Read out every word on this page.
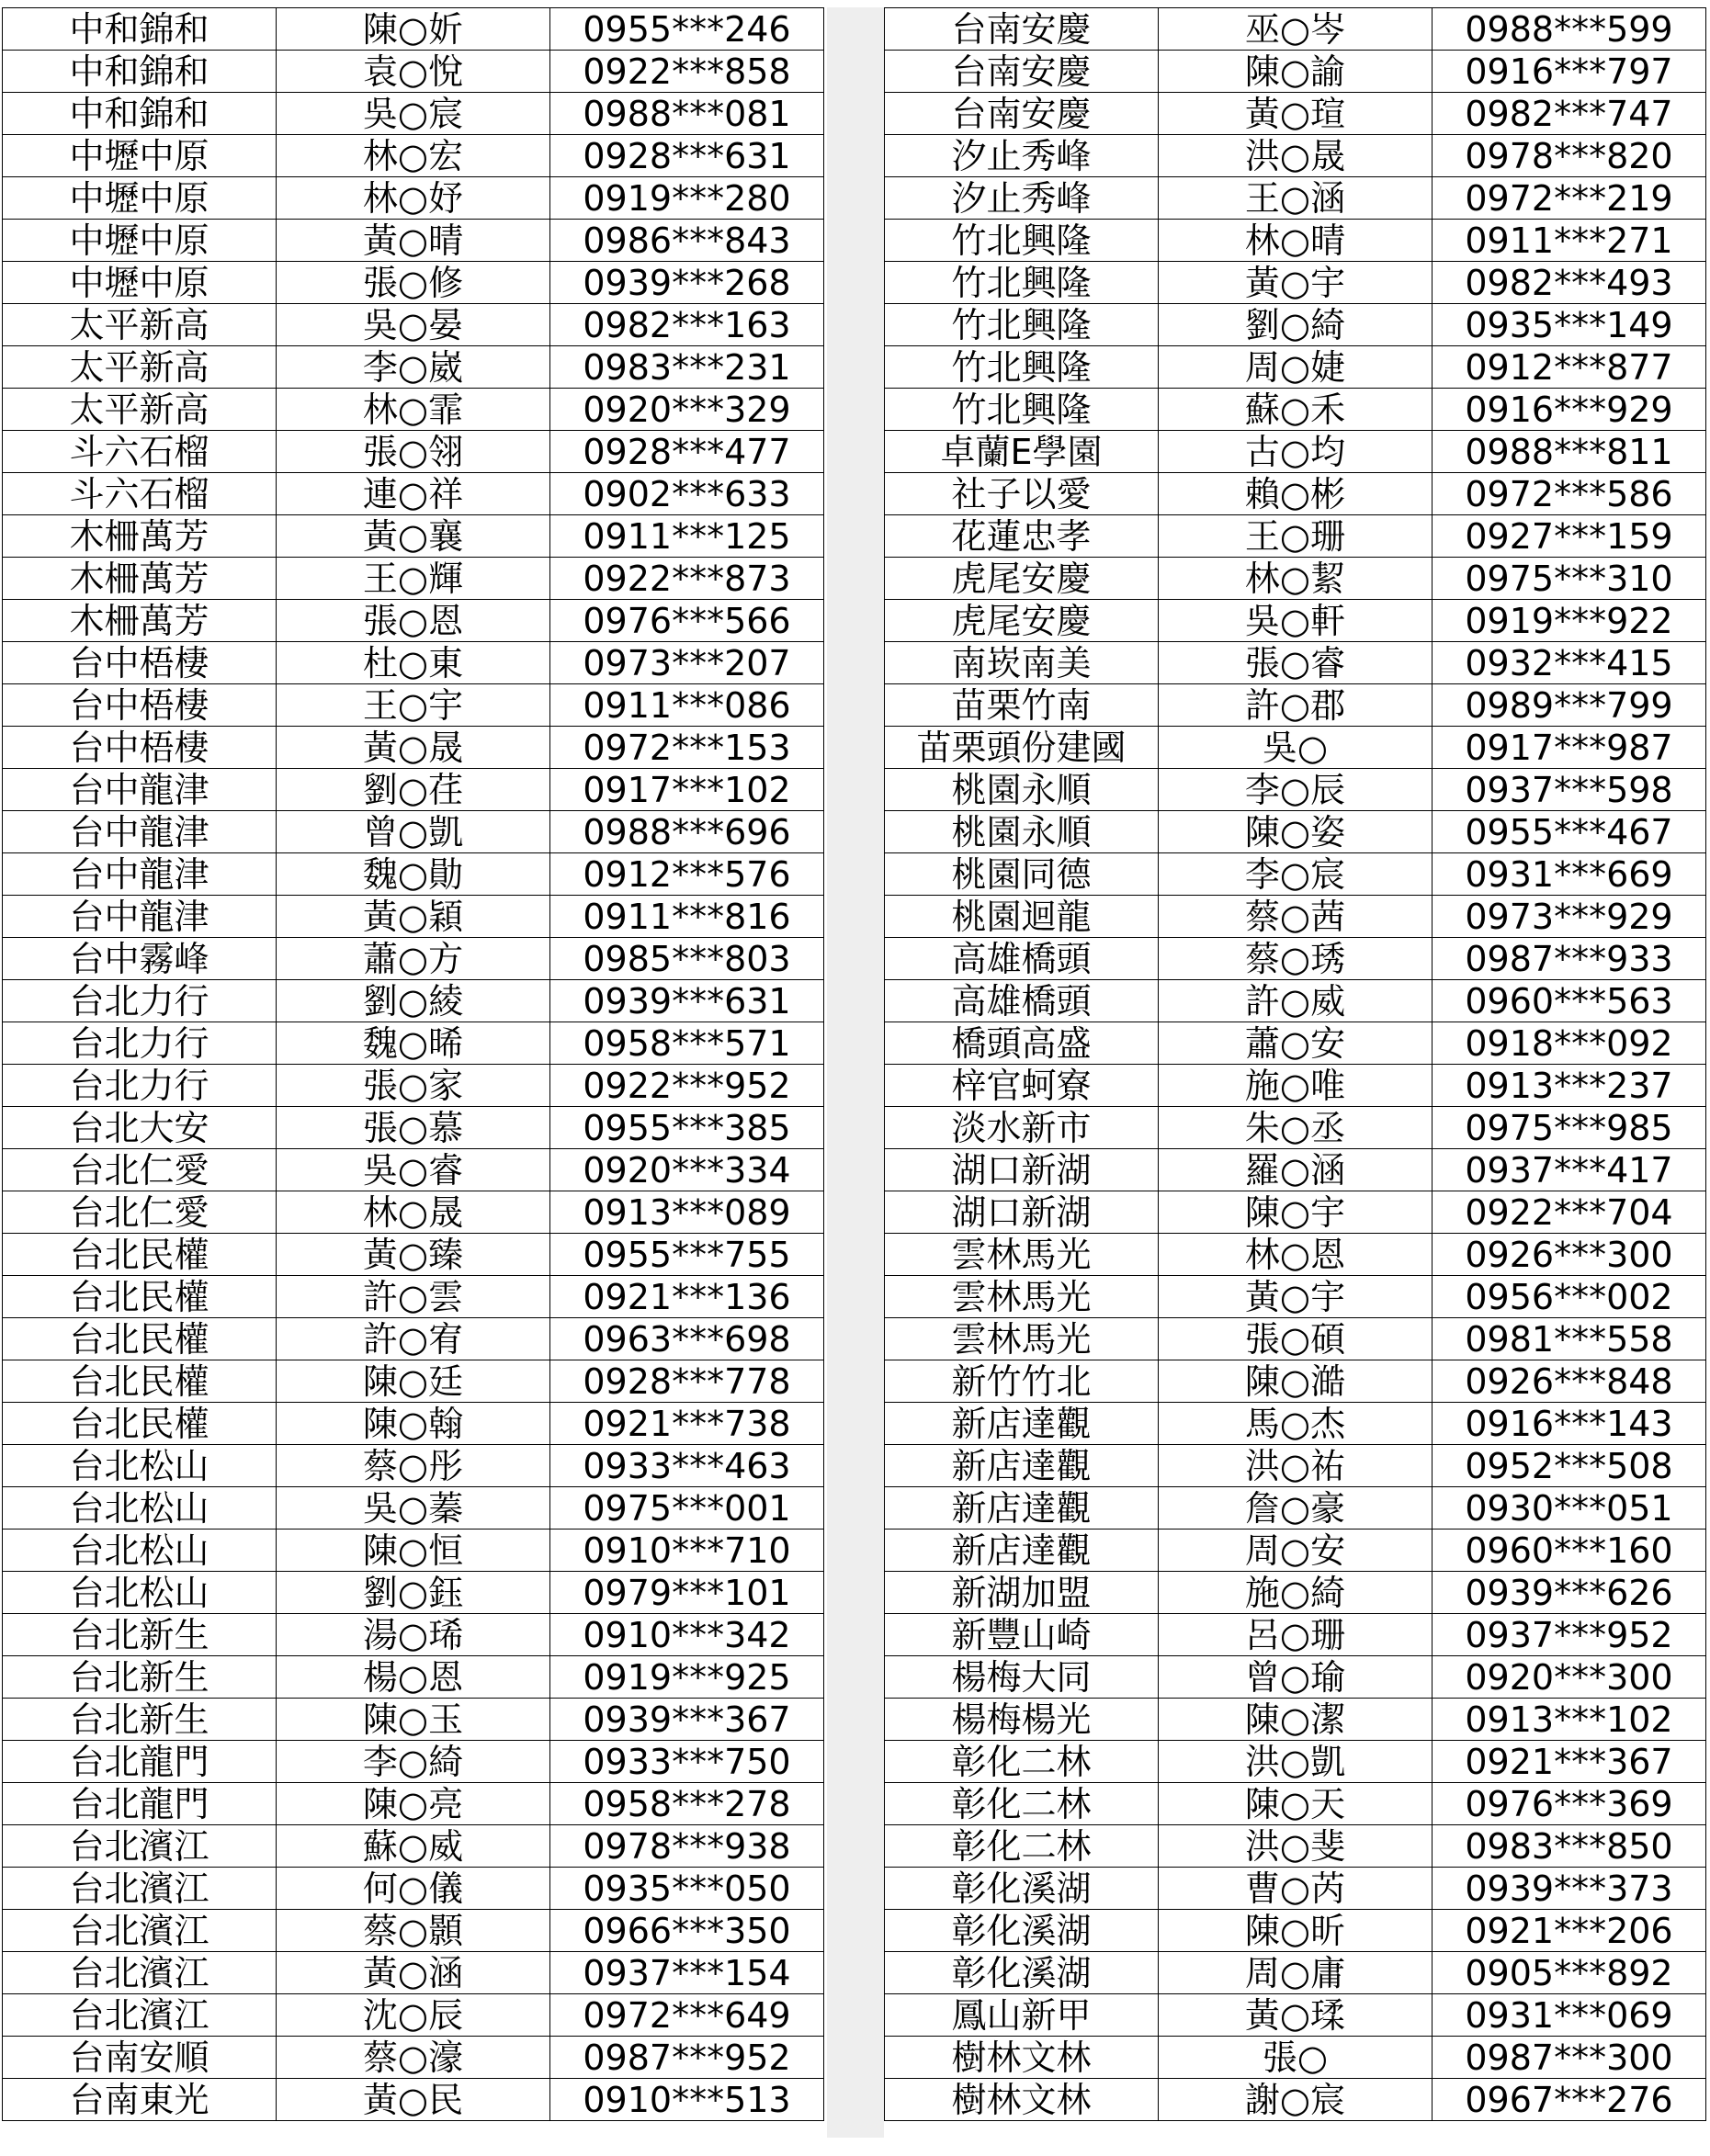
中和錦和	陳○妡	0955***246
中和錦和	袁○悅	0922***858
中和錦和	吳○宸	0988***081
中壢中原	林○宏	0928***631
中壢中原	林○妤	0919***280
中壢中原	黃○晴	0986***843
中壢中原	張○修	0939***268
太平新高	吳○晏	0982***163
太平新高	李○崴	0983***231
太平新高	林○霏	0920***329
斗六石榴	張○翎	0928***477
斗六石榴	連○祥	0902***633
木柵萬芳	黃○襄	0911***125
木柵萬芳	王○輝	0922***873
木柵萬芳	張○恩	0976***566
台中梧棲	杜○東	0973***207
台中梧棲	王○宇	0911***086
台中梧棲	黃○晟	0972***153
台中龍津	劉○荏	0917***102
台中龍津	曾○凱	0988***696
台中龍津	魏○勛	0912***576
台中龍津	黃○穎	0911***816
台中霧峰	蕭○方	0985***803
台北力行	劉○綾	0939***631
台北力行	魏○晞	0958***571
台北力行	張○家	0922***952
台北大安	張○慕	0955***385
台北仁愛	吳○睿	0920***334
台北仁愛	林○晟	0913***089
台北民權	黃○臻	0955***755
台北民權	許○雲	0921***136
台北民權	許○宥	0963***698
台北民權	陳○廷	0928***778
台北民權	陳○翰	0921***738
台北松山	蔡○彤	0933***463
台北松山	吳○蓁	0975***001
台北松山	陳○恒	0910***710
台北松山	劉○鈺	0979***101
台北新生	湯○琋	0910***342
台北新生	楊○恩	0919***925
台北新生	陳○玉	0939***367
台北龍門	李○綺	0933***750
台北龍門	陳○亮	0958***278
台北濱江	蘇○威	0978***938
台北濱江	何○儀	0935***050
台北濱江	蔡○顥	0966***350
台北濱江	黃○涵	0937***154
台北濱江	沈○辰	0972***649
台南安順	蔡○濠	0987***952
台南東光	黃○民	0910***513
台南安慶	巫○岑	0988***599
台南安慶	陳○諭	0916***797
台南安慶	黃○瑄	0982***747
汐止秀峰	洪○晟	0978***820
汐止秀峰	王○涵	0972***219
竹北興隆	林○晴	0911***271
竹北興隆	黃○宇	0982***493
竹北興隆	劉○綺	0935***149
竹北興隆	周○婕	0912***877
竹北興隆	蘇○禾	0916***929
卓蘭E學園	古○均	0988***811
社子以愛	賴○彬	0972***586
花蓮忠孝	王○珊	0927***159
虎尾安慶	林○絜	0975***310
虎尾安慶	吳○軒	0919***922
南崁南美	張○睿	0932***415
苗栗竹南	許○郡	0989***799
苗栗頭份建國	吳○	0917***987
桃園永順	李○辰	0937***598
桃園永順	陳○姿	0955***467
桃園同德	李○宸	0931***669
桃園迴龍	蔡○茜	0973***929
高雄橋頭	蔡○琇	0987***933
高雄橋頭	許○威	0960***563
橋頭高盛	蕭○安	0918***092
梓官蚵寮	施○唯	0913***237
淡水新市	朱○丞	0975***985
湖口新湖	羅○涵	0937***417
湖口新湖	陳○宇	0922***704
雲林馬光	林○恩	0926***300
雲林馬光	黃○宇	0956***002
雲林馬光	張○碩	0981***558
新竹竹北	陳○澔	0926***848
新店達觀	馬○杰	0916***143
新店達觀	洪○祐	0952***508
新店達觀	詹○豪	0930***051
新店達觀	周○安	0960***160
新湖加盟	施○綺	0939***626
新豐山崎	呂○珊	0937***952
楊梅大同	曾○瑜	0920***300
楊梅楊光	陳○潔	0913***102
彰化二林	洪○凱	0921***367
彰化二林	陳○天	0976***369
彰化二林	洪○斐	0983***850
彰化溪湖	曹○芮	0939***373
彰化溪湖	陳○昕	0921***206
彰化溪湖	周○庸	0905***892
鳳山新甲	黃○瑈	0931***069
樹林文林	張○	0987***300
樹林文林	謝○宸	0967***276
